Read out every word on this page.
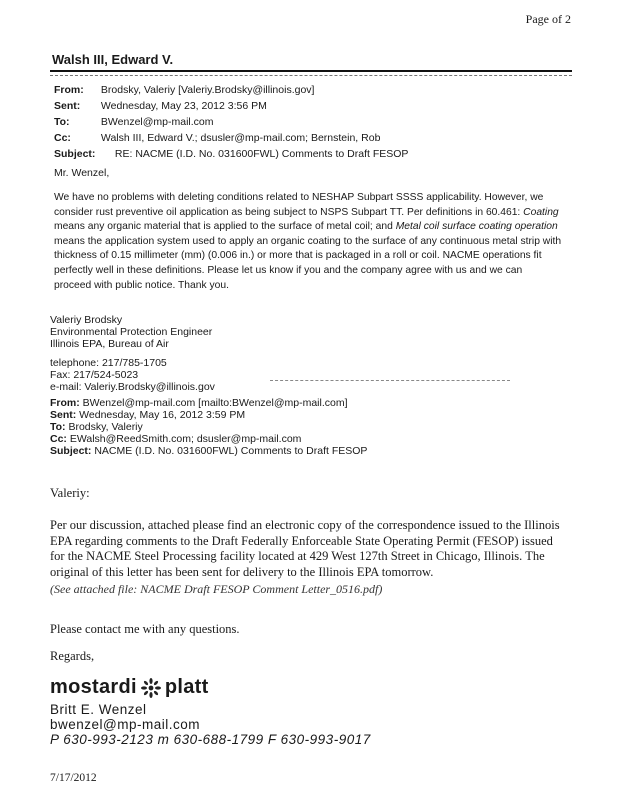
Page of 2
Walsh III, Edward V.
From: Brodsky, Valeriy [Valeriy.Brodsky@illinois.gov]
Sent: Wednesday, May 23, 2012 3:56 PM
To:	BWenzel@mp-mail.com
Cc:	Walsh III, Edward V.; dsusler@mp-mail.com; Bernstein, Rob
Subject: RE: NACME (I.D. No. 031600FWL) Comments to Draft FESOP
Mr. Wenzel,
We have no problems with deleting conditions related to NESHAP Subpart SSSS applicability. However, we consider rust preventive oil application as being subject to NSPS Subpart TT. Per definitions in 60.461: Coating means any organic material that is applied to the surface of metal coil; and Metal coil surface coating operation means the application system used to apply an organic coating to the surface of any continuous metal strip with thickness of 0.15 millimeter (mm) (0.006 in.) or more that is packaged in a roll or coil. NACME operations fit perfectly well in these definitions. Please let us know if you and the company agree with us and we can proceed with public notice. Thank you.
Valeriy Brodsky
Environmental Protection Engineer
Illinois EPA, Bureau of Air
telephone: 217/785-1705
Fax: 217/524-5023
e-mail: Valeriy.Brodsky@illinois.gov
From: BWenzel@mp-mail.com [mailto:BWenzel@mp-mail.com]
Sent: Wednesday, May 16, 2012 3:59 PM
To: Brodsky, Valeriy
Cc: EWalsh@ReedSmith.com; dsusler@mp-mail.com
Subject: NACME (I.D. No. 031600FWL) Comments to Draft FESOP
Valeriy:
Per our discussion, attached please find an electronic copy of the correspondence issued to the Illinois EPA regarding comments to the Draft Federally Enforceable State Operating Permit (FESOP) issued for the NACME Steel Processing facility located at 429 West 127th Street in Chicago, Illinois. The original of this letter has been sent for delivery to the Illinois EPA tomorrow.
(See attached file: NACME Draft FESOP Comment Letter_0516.pdf)
Please contact me with any questions.
Regards,
mostardi platt
Britt E. Wenzel
bwenzel@mp-mail.com
P 630-993-2123 m 630-688-1799 F 630-993-9017
7/17/2012
